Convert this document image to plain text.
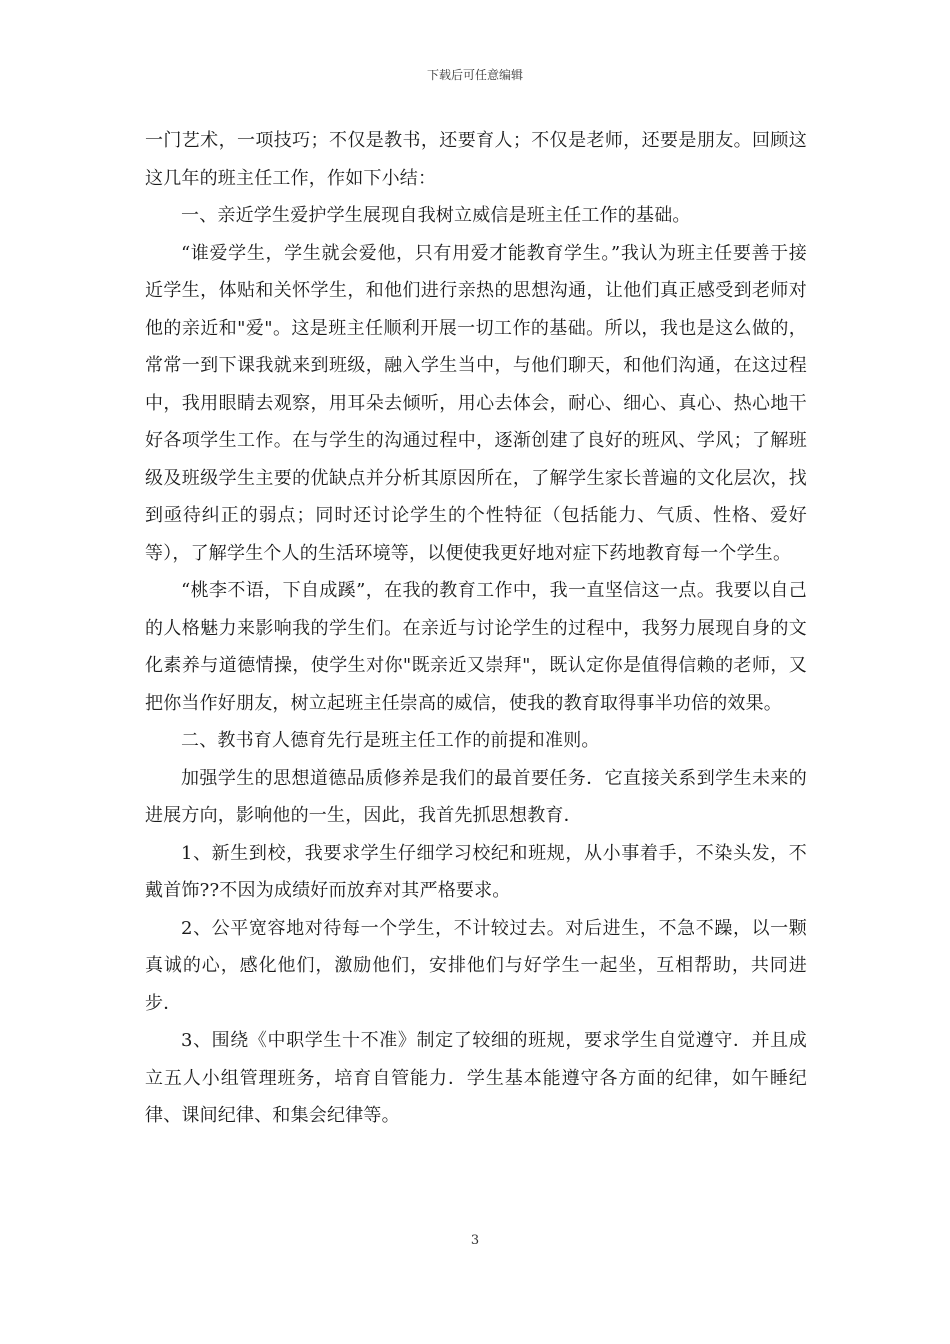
下载后可任意编辑

一门艺术，一项技巧；不仅是教书，还要育人；不仅是老师，还要是朋友。回顾这这几年的班主任工作，作如下小结：

一、亲近学生爱护学生展现自我树立威信是班主任工作的基础。

“谁爱学生，学生就会爱他，只有用爱才能教育学生。”我认为班主任要善于接近学生，体贴和关怀学生，和他们进行亲热的思想沟通，让他们真正感受到老师对他的亲近和"爱"。这是班主任顺利开展一切工作的基础。所以，我也是这么做的，常常一到下课我就来到班级，融入学生当中，与他们聊天，和他们沟通，在这过程中，我用眼睛去观察，用耳朵去倾听，用心去体会，耐心、细心、真心、热心地干好各项学生工作。在与学生的沟通过程中，逐渐创建了良好的班风、学风；了解班级及班级学生主要的优缺点并分析其原因所在，了解学生家长普遍的文化层次，找到亟待纠正的弱点；同时还讨论学生的个性特征（包括能力、气质、性格、爱好等），了解学生个人的生活环境等，以便使我更好地对症下药地教育每一个学生。

“桃李不语，下自成蹊”，在我的教育工作中，我一直坚信这一点。我要以自己的人格魅力来影响我的学生们。在亲近与讨论学生的过程中，我努力展现自身的文化素养与道德情操，使学生对你"既亲近又崇拜"，既认定你是值得信赖的老师，又把你当作好朋友，树立起班主任崇高的威信，使我的教育取得事半功倍的效果。

二、教书育人德育先行是班主任工作的前提和准则。

加强学生的思想道德品质修养是我们的最首要任务．它直接关系到学生未来的进展方向，影响他的一生，因此，我首先抓思想教育．

1、新生到校，我要求学生仔细学习校纪和班规，从小事着手，不染头发，不戴首饰??不因为成绩好而放弃对其严格要求。

2、公平宽容地对待每一个学生，不计较过去。对后进生，不急不躁，以一颗真诚的心，感化他们，激励他们，安排他们与好学生一起坐，互相帮助，共同进步．

3、围绕《中职学生十不准》制定了较细的班规，要求学生自觉遵守．并且成立五人小组管理班务，培育自管能力．学生基本能遵守各方面的纪律，如午睡纪律、课间纪律、和集会纪律等。

3
